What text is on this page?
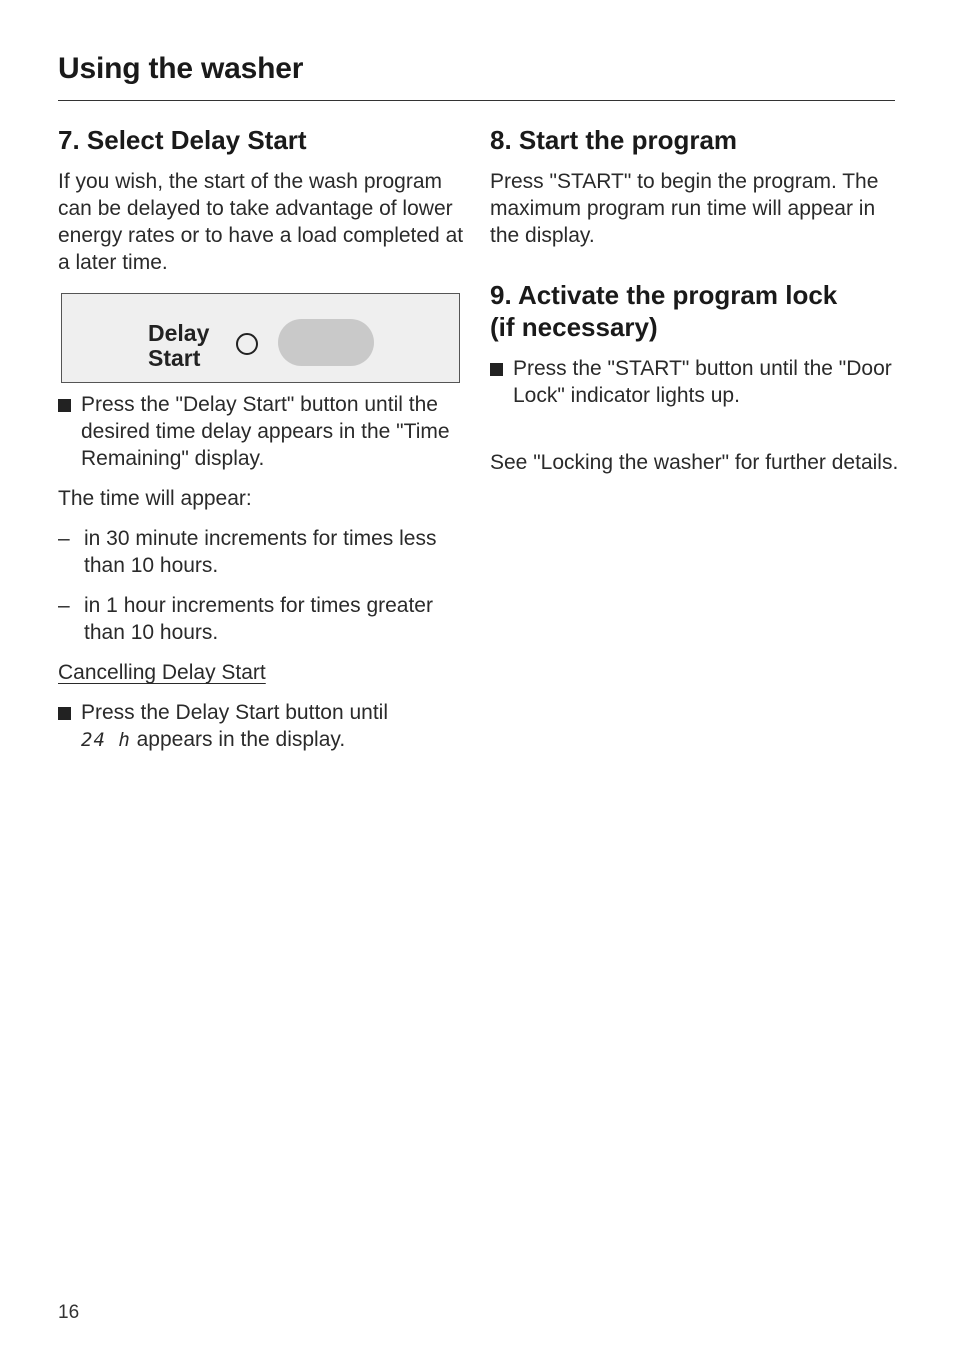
Using the washer
7. Select Delay Start

If you wish, the start of the wash program can be delayed to take advantage of lower energy rates or to have a load completed at a later time.

Delay
Start
Press the "Delay Start" button until the desired time delay appears in the "Time Remaining" display.

The time will appear:

– in 30 minute increments for times less than 10 hours.
– in 1 hour increments for times greater than 10 hours.

Cancelling Delay Start

Press the Delay Start button until
24 h appears in the display.
8. Start the program

Press "START" to begin the program. The maximum program run time will appear in the display.

9. Activate the program lock
(if necessary)
Press the "START" button until the "Door Lock" indicator lights up.

See "Locking the washer" for further details.

16
